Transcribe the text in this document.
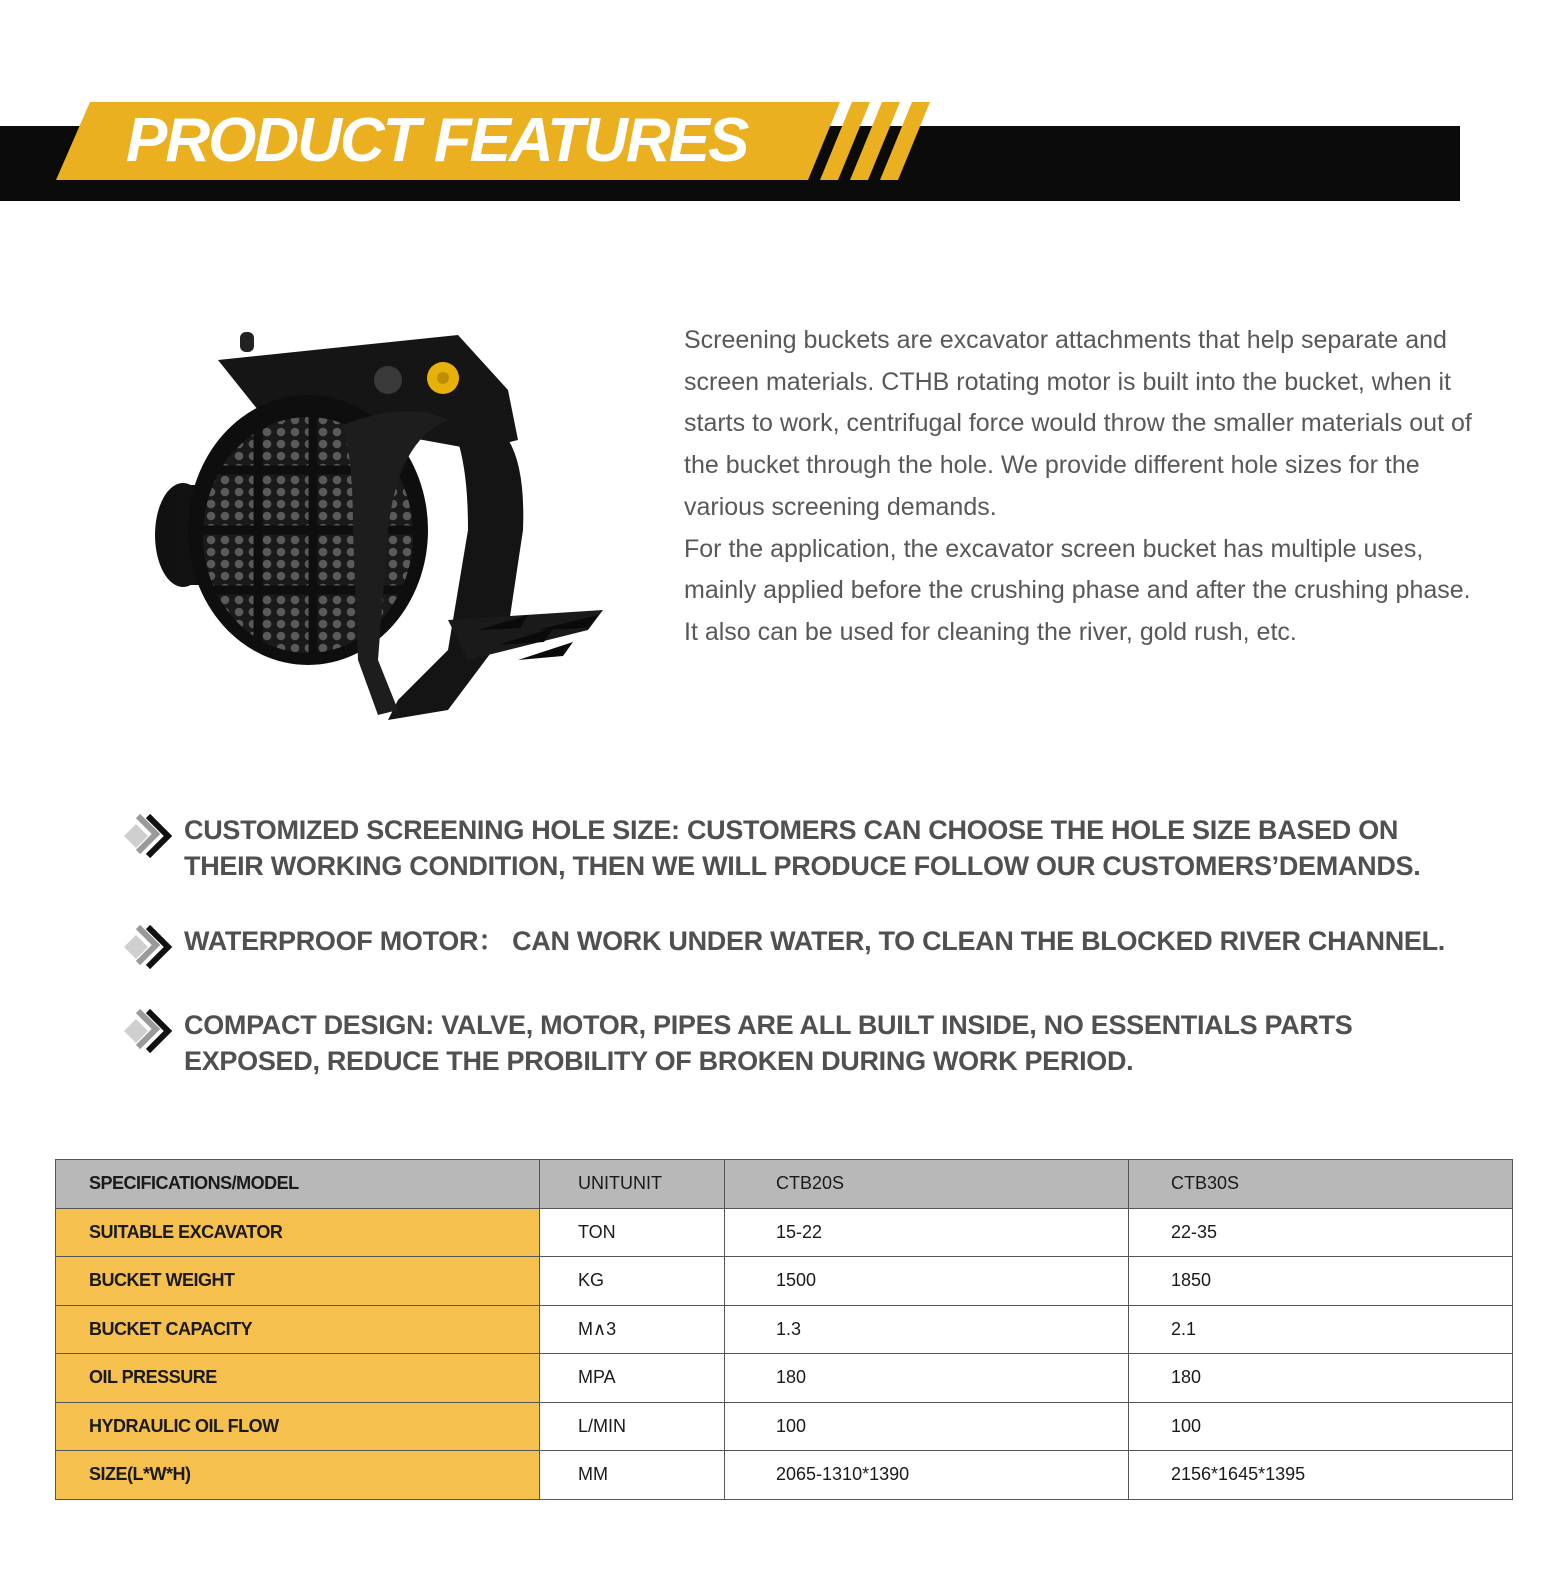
PRODUCT FEATURES

Screening buckets are excavator attachments that help separate and screen materials. CTHB rotating motor is built into the bucket, when it starts to work, centrifugal force would throw the smaller materials out of the bucket through the hole. We provide different hole sizes for the various screening demands.

For the application, the excavator screen bucket has multiple uses, mainly applied before the crushing phase and after the crushing phase. It also can be used for cleaning the river, gold rush, etc.

CUSTOMIZED SCREENING HOLE SIZE: CUSTOMERS CAN CHOOSE THE HOLE SIZE BASED ON THEIR WORKING CONDITION, THEN WE WILL PRODUCE FOLLOW OUR CUSTOMERS’DEMANDS.
WATERPROOF MOTOR： CAN WORK UNDER WATER, TO CLEAN THE BLOCKED RIVER CHANNEL.
COMPACT DESIGN: VALVE, MOTOR, PIPES ARE ALL BUILT INSIDE, NO ESSENTIALS PARTS EXPOSED, REDUCE THE PROBILITY OF BROKEN DURING WORK PERIOD.
SPECIFICATIONS/MODEL	UNITUNIT	CTB20S	CTB30S
SUITABLE EXCAVATOR	TON	15-22	22-35
BUCKET WEIGHT	KG	1500	1850
BUCKET CAPACITY	M∧3	1.3	2.1
OIL PRESSURE	MPA	180	180
HYDRAULIC OIL FLOW	L/MIN	100	100
SIZE(L*W*H)	MM	2065-1310*1390	2156*1645*1395
